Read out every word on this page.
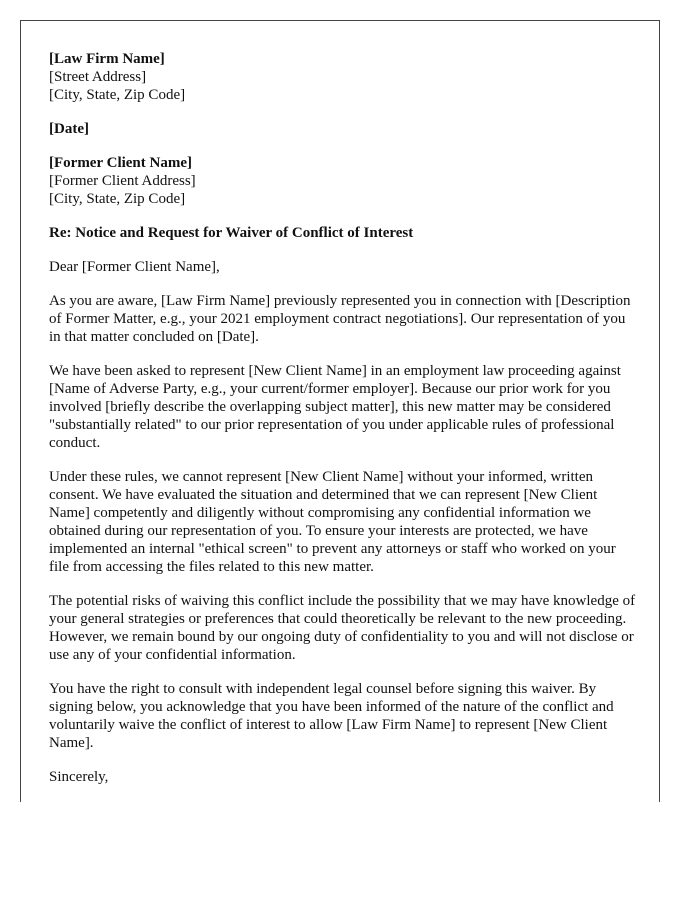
[Law Firm Name]
[Street Address]
[City, State, Zip Code]

[Date]

[Former Client Name]
[Former Client Address]
[City, State, Zip Code]

Re: Notice and Request for Waiver of Conflict of Interest

Dear [Former Client Name],

As you are aware, [Law Firm Name] previously represented you in connection with [Description of Former Matter, e.g., your 2021 employment contract negotiations]. Our representation of you in that matter concluded on [Date].

We have been asked to represent [New Client Name] in an employment law proceeding against [Name of Adverse Party, e.g., your current/former employer]. Because our prior work for you involved [briefly describe the overlapping subject matter], this new matter may be considered "substantially related" to our prior representation of you under applicable rules of professional conduct.

Under these rules, we cannot represent [New Client Name] without your informed, written consent. We have evaluated the situation and determined that we can represent [New Client Name] competently and diligently without compromising any confidential information we obtained during our representation of you. To ensure your interests are protected, we have implemented an internal "ethical screen" to prevent any attorneys or staff who worked on your file from accessing the files related to this new matter.

The potential risks of waiving this conflict include the possibility that we may have knowledge of your general strategies or preferences that could theoretically be relevant to the new proceeding. However, we remain bound by our ongoing duty of confidentiality to you and will not disclose or use any of your confidential information.

You have the right to consult with independent legal counsel before signing this waiver. By signing below, you acknowledge that you have been informed of the nature of the conflict and voluntarily waive the conflict of interest to allow [Law Firm Name] to represent [New Client Name].

Sincerely,
